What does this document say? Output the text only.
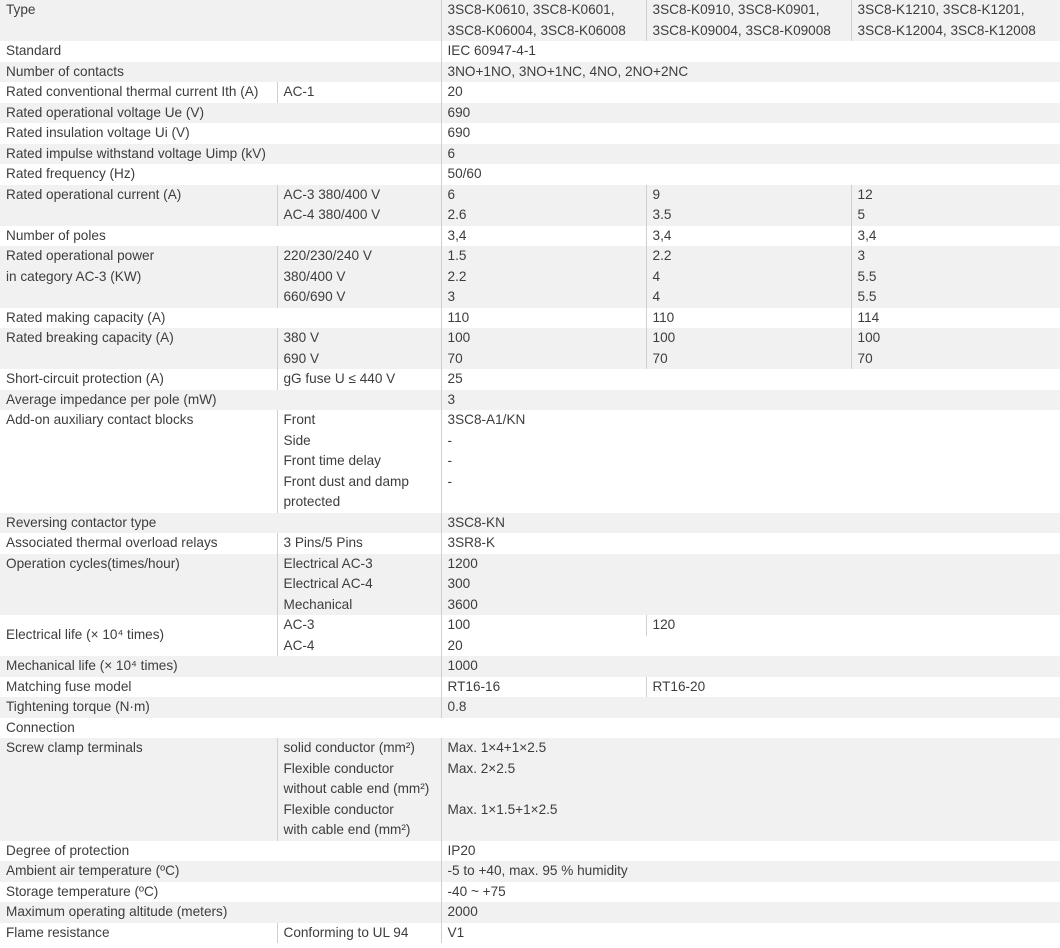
Type		3SC8-K0610, 3SC8-K0601,
3SC8-K06004, 3SC8-K06008	3SC8-K0910, 3SC8-K0901,
3SC8-K09004, 3SC8-K09008	3SC8-K1210, 3SC8-K1201,
3SC8-K12004, 3SC8-K12008
Standard		IEC 60947-4-1		
Number of contacts		3NO+1NO, 3NO+1NC, 4NO, 2NO+2NC		
Rated conventional thermal current Ith (A)	AC-1	20		
Rated operational voltage Ue (V)		690		
Rated insulation voltage Ui (V)		690		
Rated impulse withstand voltage Uimp (kV)		6		
Rated frequency (Hz)		50/60		
Rated operational current (A)	AC-3 380/400 V	6	9	12
	AC-4 380/400 V	2.6	3.5	5
Number of poles		3,4	3,4	3,4
Rated operational power	220/230/240 V	1.5	2.2	3
in category AC-3 (KW)	380/400 V	2.2	4	5.5
	660/690 V	3	4	5.5
Rated making capacity (A)		110	110	114
Rated breaking capacity (A)	380 V	100	100	100
	690 V	70	70	70
Short-circuit protection (A)	gG fuse U ≤ 440 V	25		
Average impedance per pole (mW)		3		
Add-on auxiliary contact blocks	Front	3SC8-A1/KN		
	Side	-		
	Front time delay	-		
	Front dust and damp
protected	-		
Reversing contactor type		3SC8-KN		
Associated thermal overload relays	3 Pins/5 Pins	3SR8-K		
Operation cycles(times/hour)	Electrical AC-3	1200		
	Electrical AC-4	300		
	Mechanical	3600		
Electrical life (× 10⁴ times)	AC-3	100	120	
	AC-4	20		
Mechanical life (× 10⁴ times)		1000		
Matching fuse model		RT16-16	RT16-20	
Tightening torque (N·m)		0.8		
Connection				
Screw clamp terminals	solid conductor (mm²)	Max. 1×4+1×2.5		
	Flexible conductor
without cable end (mm²)	Max. 2×2.5		
	Flexible conductor
with cable end (mm²)	Max. 1×1.5+1×2.5		
Degree of protection		IP20		
Ambient air temperature (ºC)		-5 to +40, max. 95 % humidity		
Storage temperature (ºC)		-40 ~ +75		
Maximum operating altitude (meters)		2000		
Flame resistance	Conforming to UL 94	V1		
